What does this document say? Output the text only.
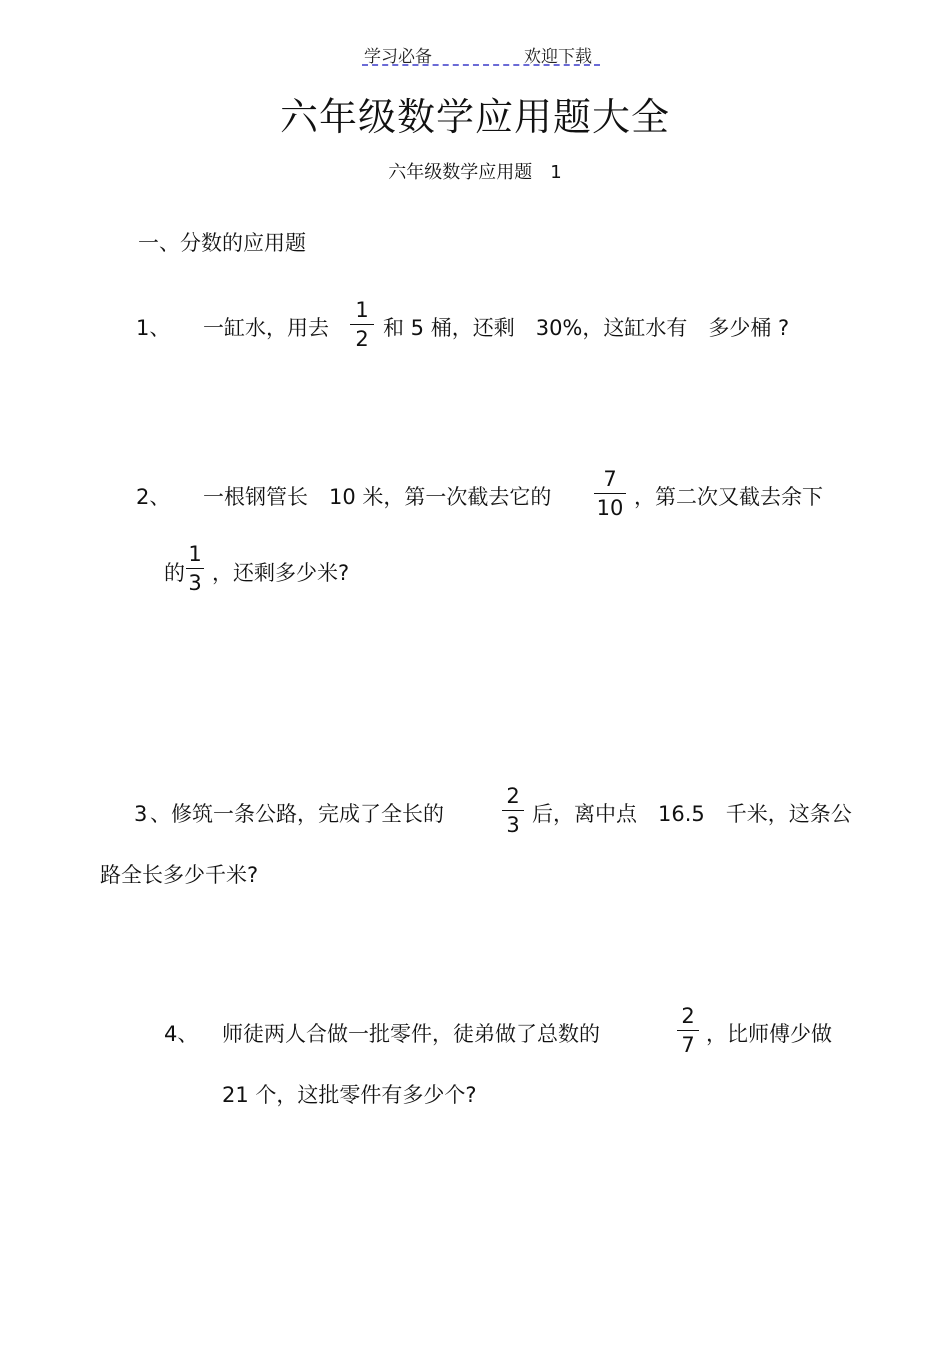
学习必备	欢迎下载
六年级数学应用题大全
六年级数学应用题　1
一、分数的应用题
1、 一缸水，用去
1
2 和 5 桶，还剩　30%，这缸水有　多少桶 ?
2、 一根钢管长　10 米，第一次截去它的
7
10 ，第二次又截去余下
的
1
3 ，还剩多少米?
3 、修筑一条公路，完成了全长的
2
3 后，离中点　16.5　千米，这条公
路全长多少千米?
4、 师徒两人合做一批零件，徒弟做了总数的
2
7 ，比师傅少做
21 个，这批零件有多少个?
